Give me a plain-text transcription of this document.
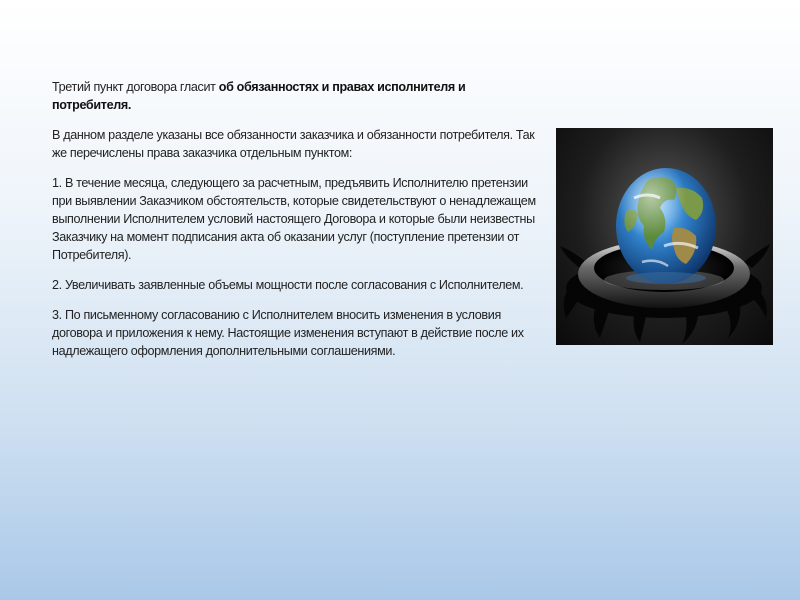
Третий пункт договора гласит об обязанностях и правах исполнителя и потребителя.

В данном разделе указаны все обязанности заказчика и обязанности потребителя. Так же перечислены права заказчика отдельным пунктом:

1. В течение месяца, следующего за расчетным, предъявить Исполнителю претензии при выявлении Заказчиком обстоятельств, которые свидетельствуют о ненадлежащем выполнении Исполнителем условий настоящего Договора и которые были неизвестны Заказчику на момент подписания акта об оказании услуг (поступление претензии от Потребителя).

2. Увеличивать заявленные объемы мощности после согласования с Исполнителем.

3. По письменному согласованию с Исполнителем вносить изменения в условия договора и приложения к нему. Настоящие изменения вступают в действие после их надлежащего оформления дополнительными соглашениями.
